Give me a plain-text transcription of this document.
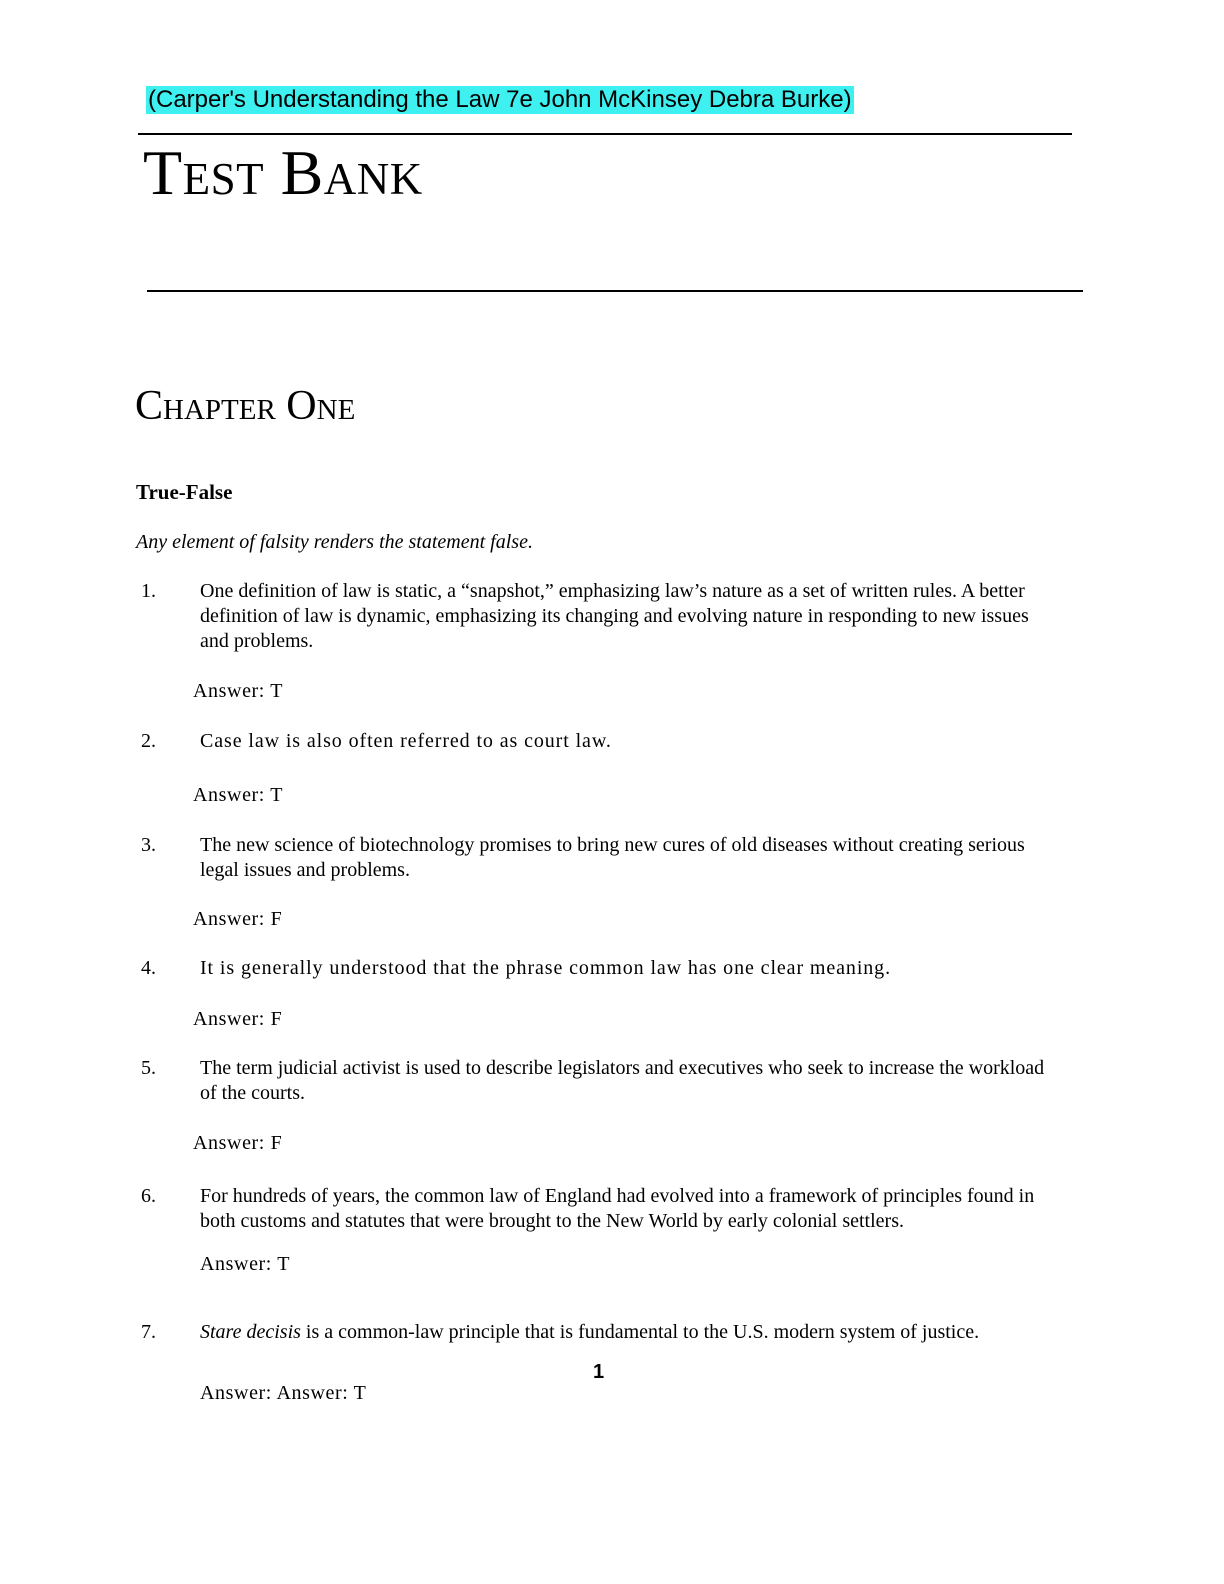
(Carper's Understanding the Law 7e John McKinsey Debra Burke)
Test Bank
Chapter One
True-False
Any element of falsity renders the statement false.
1. One definition of law is static, a “snapshot,” emphasizing law’s nature as a set of written rules. A better definition of law is dynamic, emphasizing its changing and evolving nature in responding to new issues and problems.
Answer: T
2. Case law is also often referred to as court law.
Answer: T
3. The new science of biotechnology promises to bring new cures of old diseases without creating serious legal issues and problems.
Answer: F
4. It is generally understood that the phrase common law has one clear meaning.
Answer: F
5. The term judicial activist is used to describe legislators and executives who seek to increase the workload of the courts.
Answer: F
6. For hundreds of years, the common law of England had evolved into a framework of principles found in both customs and statutes that were brought to the New World by early colonial settlers.
Answer: T
7. Stare decisis is a common-law principle that is fundamental to the U.S. modern system of justice.
Answer: Answer: T
1
